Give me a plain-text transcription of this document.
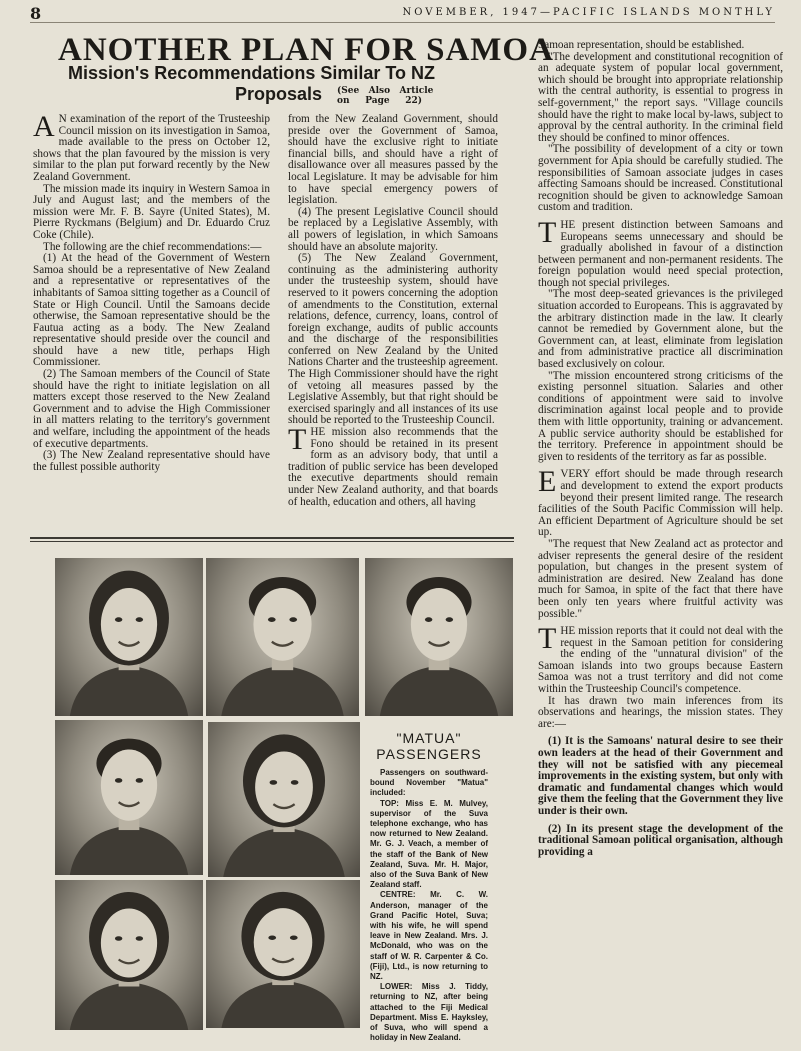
8	NOVEMBER, 1947—PACIFIC ISLANDS MONTHLY
ANOTHER PLAN FOR SAMOA
Mission's Recommendations Similar To NZ
Proposals (See   Also   Article
on     Page     22)

A N examination of the report of the Trusteeship Council mission on its investigation in Samoa, made available to the press on October 12, shows that the plan favoured by the mission is very similar to the plan put forward recently by the New Zealand Government.

The mission made its inquiry in Western Samoa in July and August last; and the members of the mission were Mr. F. B. Sayre (United States), M. Pierre Ryckmans (Belgium) and Dr. Eduardo Cruz Coke (Chile).

The following are the chief recommendations:—

(1) At the head of the Government of Western Samoa should be a representative of New Zealand and a representative or representatives of the inhabitants of Samoa sitting together as a Council of State or High Council. Until the Samoans decide otherwise, the Samoan representative should be the Fautua acting as a body. The New Zealand representative should preside over the council and should have a new title, perhaps High Commissioner.

(2) The Samoan members of the Council of State should have the right to initiate legislation on all matters except those reserved to the New Zealand Government and to advise the High Commissioner in all matters relating to the territory's government and welfare, including the appointment of the heads of executive departments.

(3) The New Zealand representative should have the fullest possible authority

from the New Zealand Government, should preside over the Government of Samoa, should have the exclusive right to initiate financial bills, and should have a right of disallowance over all measures passed by the local Legislature. It may be advisable for him to have special emergency powers of legislation.

(4) The present Legislative Council should be replaced by a Legislative Assembly, with all powers of legislation, in which Samoans should have an absolute majority.

(5) The New Zealand Government, continuing as the administering authority under the trusteeship system, should have reserved to it powers concerning the adoption of amendments to the Constitution, external relations, defence, currency, loans, control of foreign exchange, audits of public accounts and the discharge of the responsibilities conferred on New Zealand by the United Nations Charter and the trusteeship agreement. The High Commissioner should have the right of vetoing all measures passed by the Legislative Assembly, but that right should be exercised sparingly and all instances of its use should be reported to the Trusteeship Council.

THE mission also recommends that the Fono should be retained in its present form as an advisory body, that until a tradition of public service has been developed the executive departments should remain under New Zealand authority, and that boards of health, education and others, all having

Samoan representation, should be established.

"The development and constitutional recognition of an adequate system of popular local government, which should be brought into appropriate relationship with the central authority, is essential to progress in self-government," the report says. "Village councils should have the right to make local by-laws, subject to approval by the central authority. In the criminal field they should be confined to minor offences.

"The possibility of development of a city or town government for Apia should be carefully studied. The responsibilities of Samoan associate judges in cases affecting Samoans should be increased. Constitutional recognition should be given to acknowledge Samoan custom and tradition.

THE present distinction between Samoans and Europeans seems unnecessary and should be gradually abolished in favour of a distinction between permanent and non-permanent residents. The foreign population would need special protection, though not special privileges.

"The most deep-seated grievances is the privileged situation accorded to Europeans. This is aggravated by the arbitrary distinction made in the law. It clearly cannot be remedied by Government alone, but the Government can, at least, eliminate from legislation and from administrative practice all discrimination based exclusively on colour.

"The mission encountered strong criticisms of the existing personnel situation. Salaries and other conditions of appointment were said to involve discrimination against local people and to provide them with little opportunity, training or advancement. A public service authority should be established for the territory. Preference in appointment should be given to residents of the territory as far as possible.

EVERY effort should be made through research and development to extend the export products beyond their present limited range. The research facilities of the South Pacific Commission will help. An efficient Department of Agriculture should be set up.

"The request that New Zealand act as protector and adviser represents the general desire of the resident population, but changes in the present system of administration are desired. New Zealand has done much for Samoa, in spite of the fact that there have been only ten years where fruitful activity was possible."

THE mission reports that it could not deal with the request in the Samoan petition for considering the ending of the "unnatural division" of the Samoan islands into two groups because Eastern Samoa was not a trust territory and did not come within the Trusteeship Council's competence.

It has drawn two main inferences from its observations and hearings, the mission states. They are:—

(1) It is the Samoans' natural desire to see their own leaders at the head of their Government and they will not be satisfied with any piecemeal improvements in the existing system, but only with dramatic and fundamental changes which would give them the feeling that the Government they live under is their own.

(2) In its present stage the development of the traditional Samoan political organisation, although providing a

"MATUA"
PASSENGERS

Passengers on southward-bound November "Matua" included:

TOP: Miss E. M. Mulvey, supervisor of the Suva telephone exchange, who has now returned to New Zealand. Mr. G. J. Veach, a member of the staff of the Bank of New Zealand, Suva. Mr. H. Major, also of the Suva Bank of New Zealand staff.

CENTRE: Mr. C. W. Anderson, manager of the Grand Pacific Hotel, Suva; with his wife, he will spend leave in New Zealand. Mrs. J. McDonald, who was on the staff of W. R. Carpenter & Co. (Fiji), Ltd., is now returning to NZ.

LOWER: Miss J. Tiddy, returning to NZ, after being attached to the Fiji Medical Department. Miss E. Hayksley, of Suva, who will spend a holiday in New Zealand.
